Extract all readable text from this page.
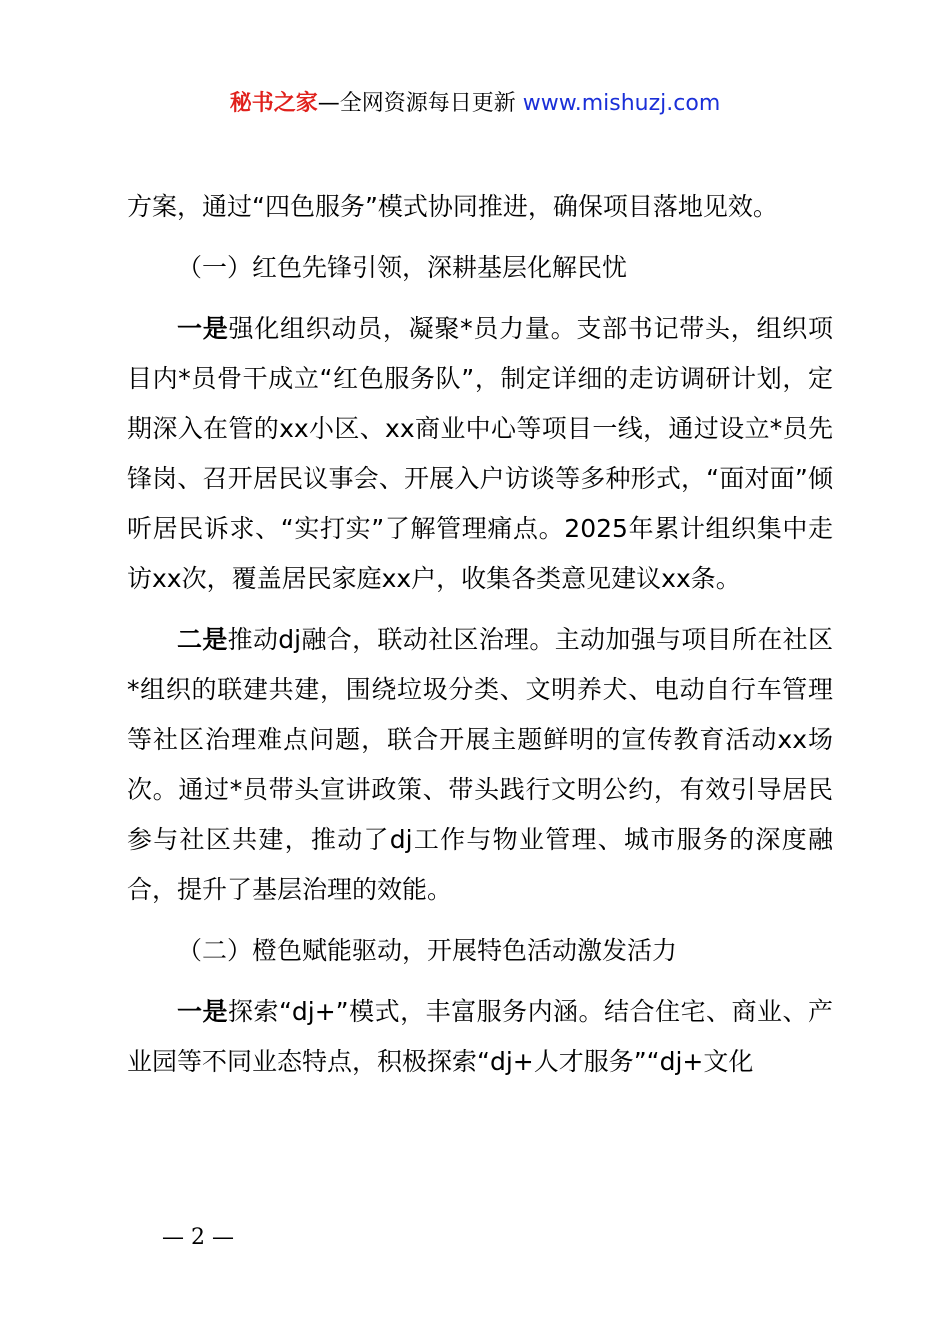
秘书之家—全网资源每日更新 www.mishuzj.com

方案，通过“四色服务”模式协同推进，确保项目落地见效。

（一）红色先锋引领，深耕基层化解民忧

一是强化组织动员，凝聚*员力量。支部书记带头，组织项目内*员骨干成立“红色服务队”，制定详细的走访调研计划，定期深入在管的xx小区、xx商业中心等项目一线，通过设立*员先锋岗、召开居民议事会、开展入户访谈等多种形式，“面对面”倾听居民诉求、“实打实”了解管理痛点。2025年累计组织集中走访xx次，覆盖居民家庭xx户，收集各类意见建议xx条。

二是推动dj融合，联动社区治理。主动加强与项目所在社区*组织的联建共建，围绕垃圾分类、文明养犬、电动自行车管理等社区治理难点问题，联合开展主题鲜明的宣传教育活动xx场次。通过*员带头宣讲政策、带头践行文明公约，有效引导居民参与社区共建，推动了dj工作与物业管理、城市服务的深度融合，提升了基层治理的效能。

（二）橙色赋能驱动，开展特色活动激发活力

一是探索“dj+”模式，丰富服务内涵。结合住宅、商业、产业园等不同业态特点，积极探索“dj+人才服务”“dj+文化

— 2 —
